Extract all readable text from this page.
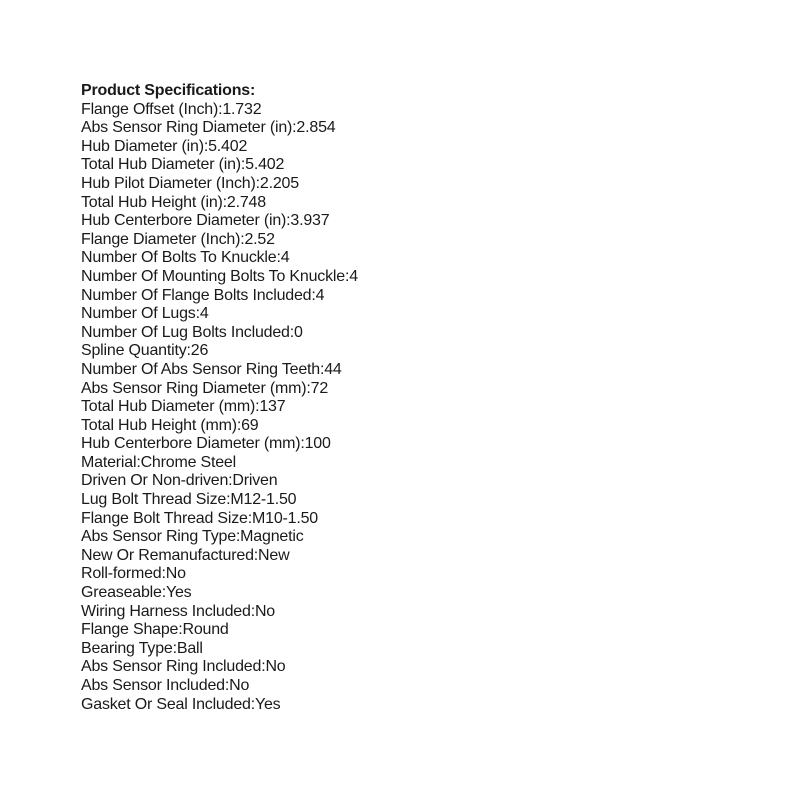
Product Specifications:
Flange Offset (Inch):1.732
Abs Sensor Ring Diameter (in):2.854
Hub Diameter (in):5.402
Total Hub Diameter (in):5.402
Hub Pilot Diameter (Inch):2.205
Total Hub Height (in):2.748
Hub Centerbore Diameter (in):3.937
Flange Diameter (Inch):2.52
Number Of Bolts To Knuckle:4
Number Of Mounting Bolts To Knuckle:4
Number Of Flange Bolts Included:4
Number Of Lugs:4
Number Of Lug Bolts Included:0
Spline Quantity:26
Number Of Abs Sensor Ring Teeth:44
Abs Sensor Ring Diameter (mm):72
Total Hub Diameter (mm):137
Total Hub Height (mm):69
Hub Centerbore Diameter (mm):100
Material:Chrome Steel
Driven Or Non-driven:Driven
Lug Bolt Thread Size:M12-1.50
Flange Bolt Thread Size:M10-1.50
Abs Sensor Ring Type:Magnetic
New Or Remanufactured:New
Roll-formed:No
Greaseable:Yes
Wiring Harness Included:No
Flange Shape:Round
Bearing Type:Ball
Abs Sensor Ring Included:No
Abs Sensor Included:No
Gasket Or Seal Included:Yes
